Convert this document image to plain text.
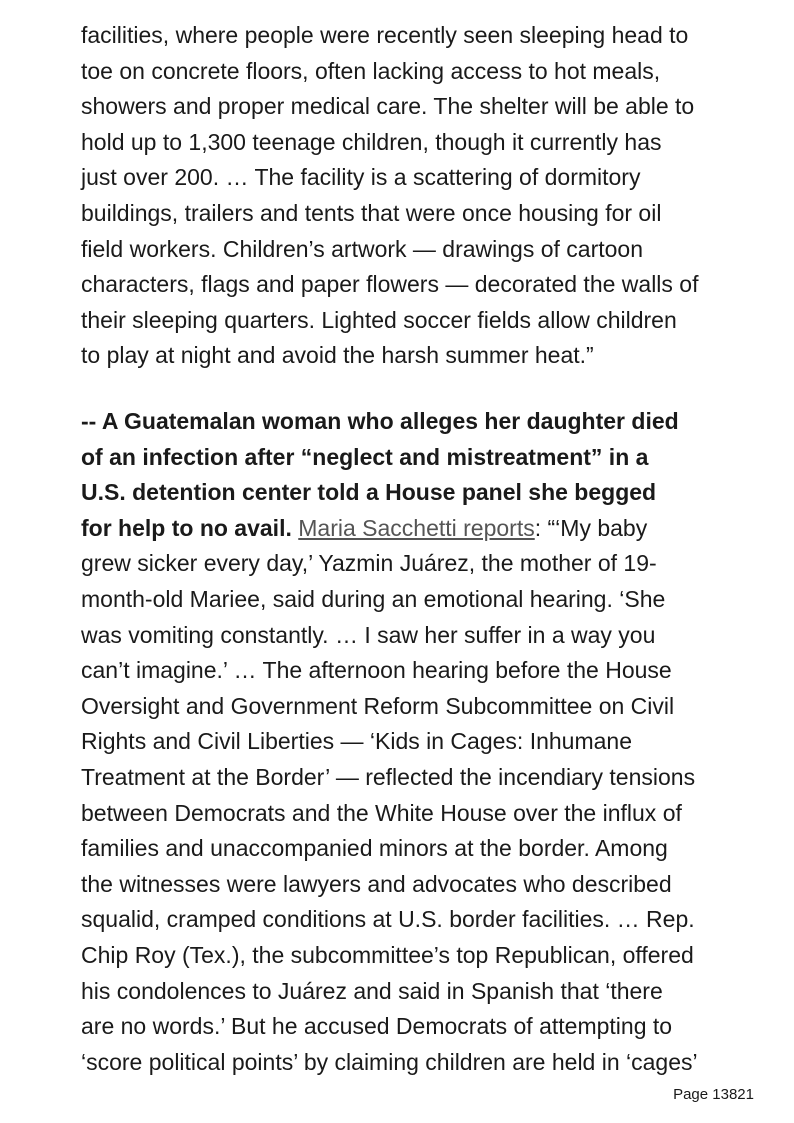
facilities, where people were recently seen sleeping head to
toe on concrete floors, often lacking access to hot meals,
showers and proper medical care. The shelter will be able to
hold up to 1,300 teenage children, though it currently has
just over 200. … The facility is a scattering of dormitory
buildings, trailers and tents that were once housing for oil
field workers. Children’s artwork — drawings of cartoon
characters, flags and paper flowers — decorated the walls of
their sleeping quarters. Lighted soccer fields allow children
to play at night and avoid the harsh summer heat.”
-- A Guatemalan woman who alleges her daughter died
of an infection after “neglect and mistreatment” in a
U.S. detention center told a House panel she begged
for help to no avail. Maria Sacchetti reports: “‘My baby
grew sicker every day,’ Yazmin Juárez, the mother of 19-
month-old Mariee, said during an emotional hearing. ‘She
was vomiting constantly. … I saw her suffer in a way you
can’t imagine.’ … The afternoon hearing before the House
Oversight and Government Reform Subcommittee on Civil
Rights and Civil Liberties — ‘Kids in Cages: Inhumane
Treatment at the Border’ — reflected the incendiary tensions
between Democrats and the White House over the influx of
families and unaccompanied minors at the border. Among
the witnesses were lawyers and advocates who described
squalid, cramped conditions at U.S. border facilities. … Rep.
Chip Roy (Tex.), the subcommittee’s top Republican, offered
his condolences to Juárez and said in Spanish that ‘there
are no words.’ But he accused Democrats of attempting to
‘score political points’ by claiming children are held in ‘cages’
Page 13821
